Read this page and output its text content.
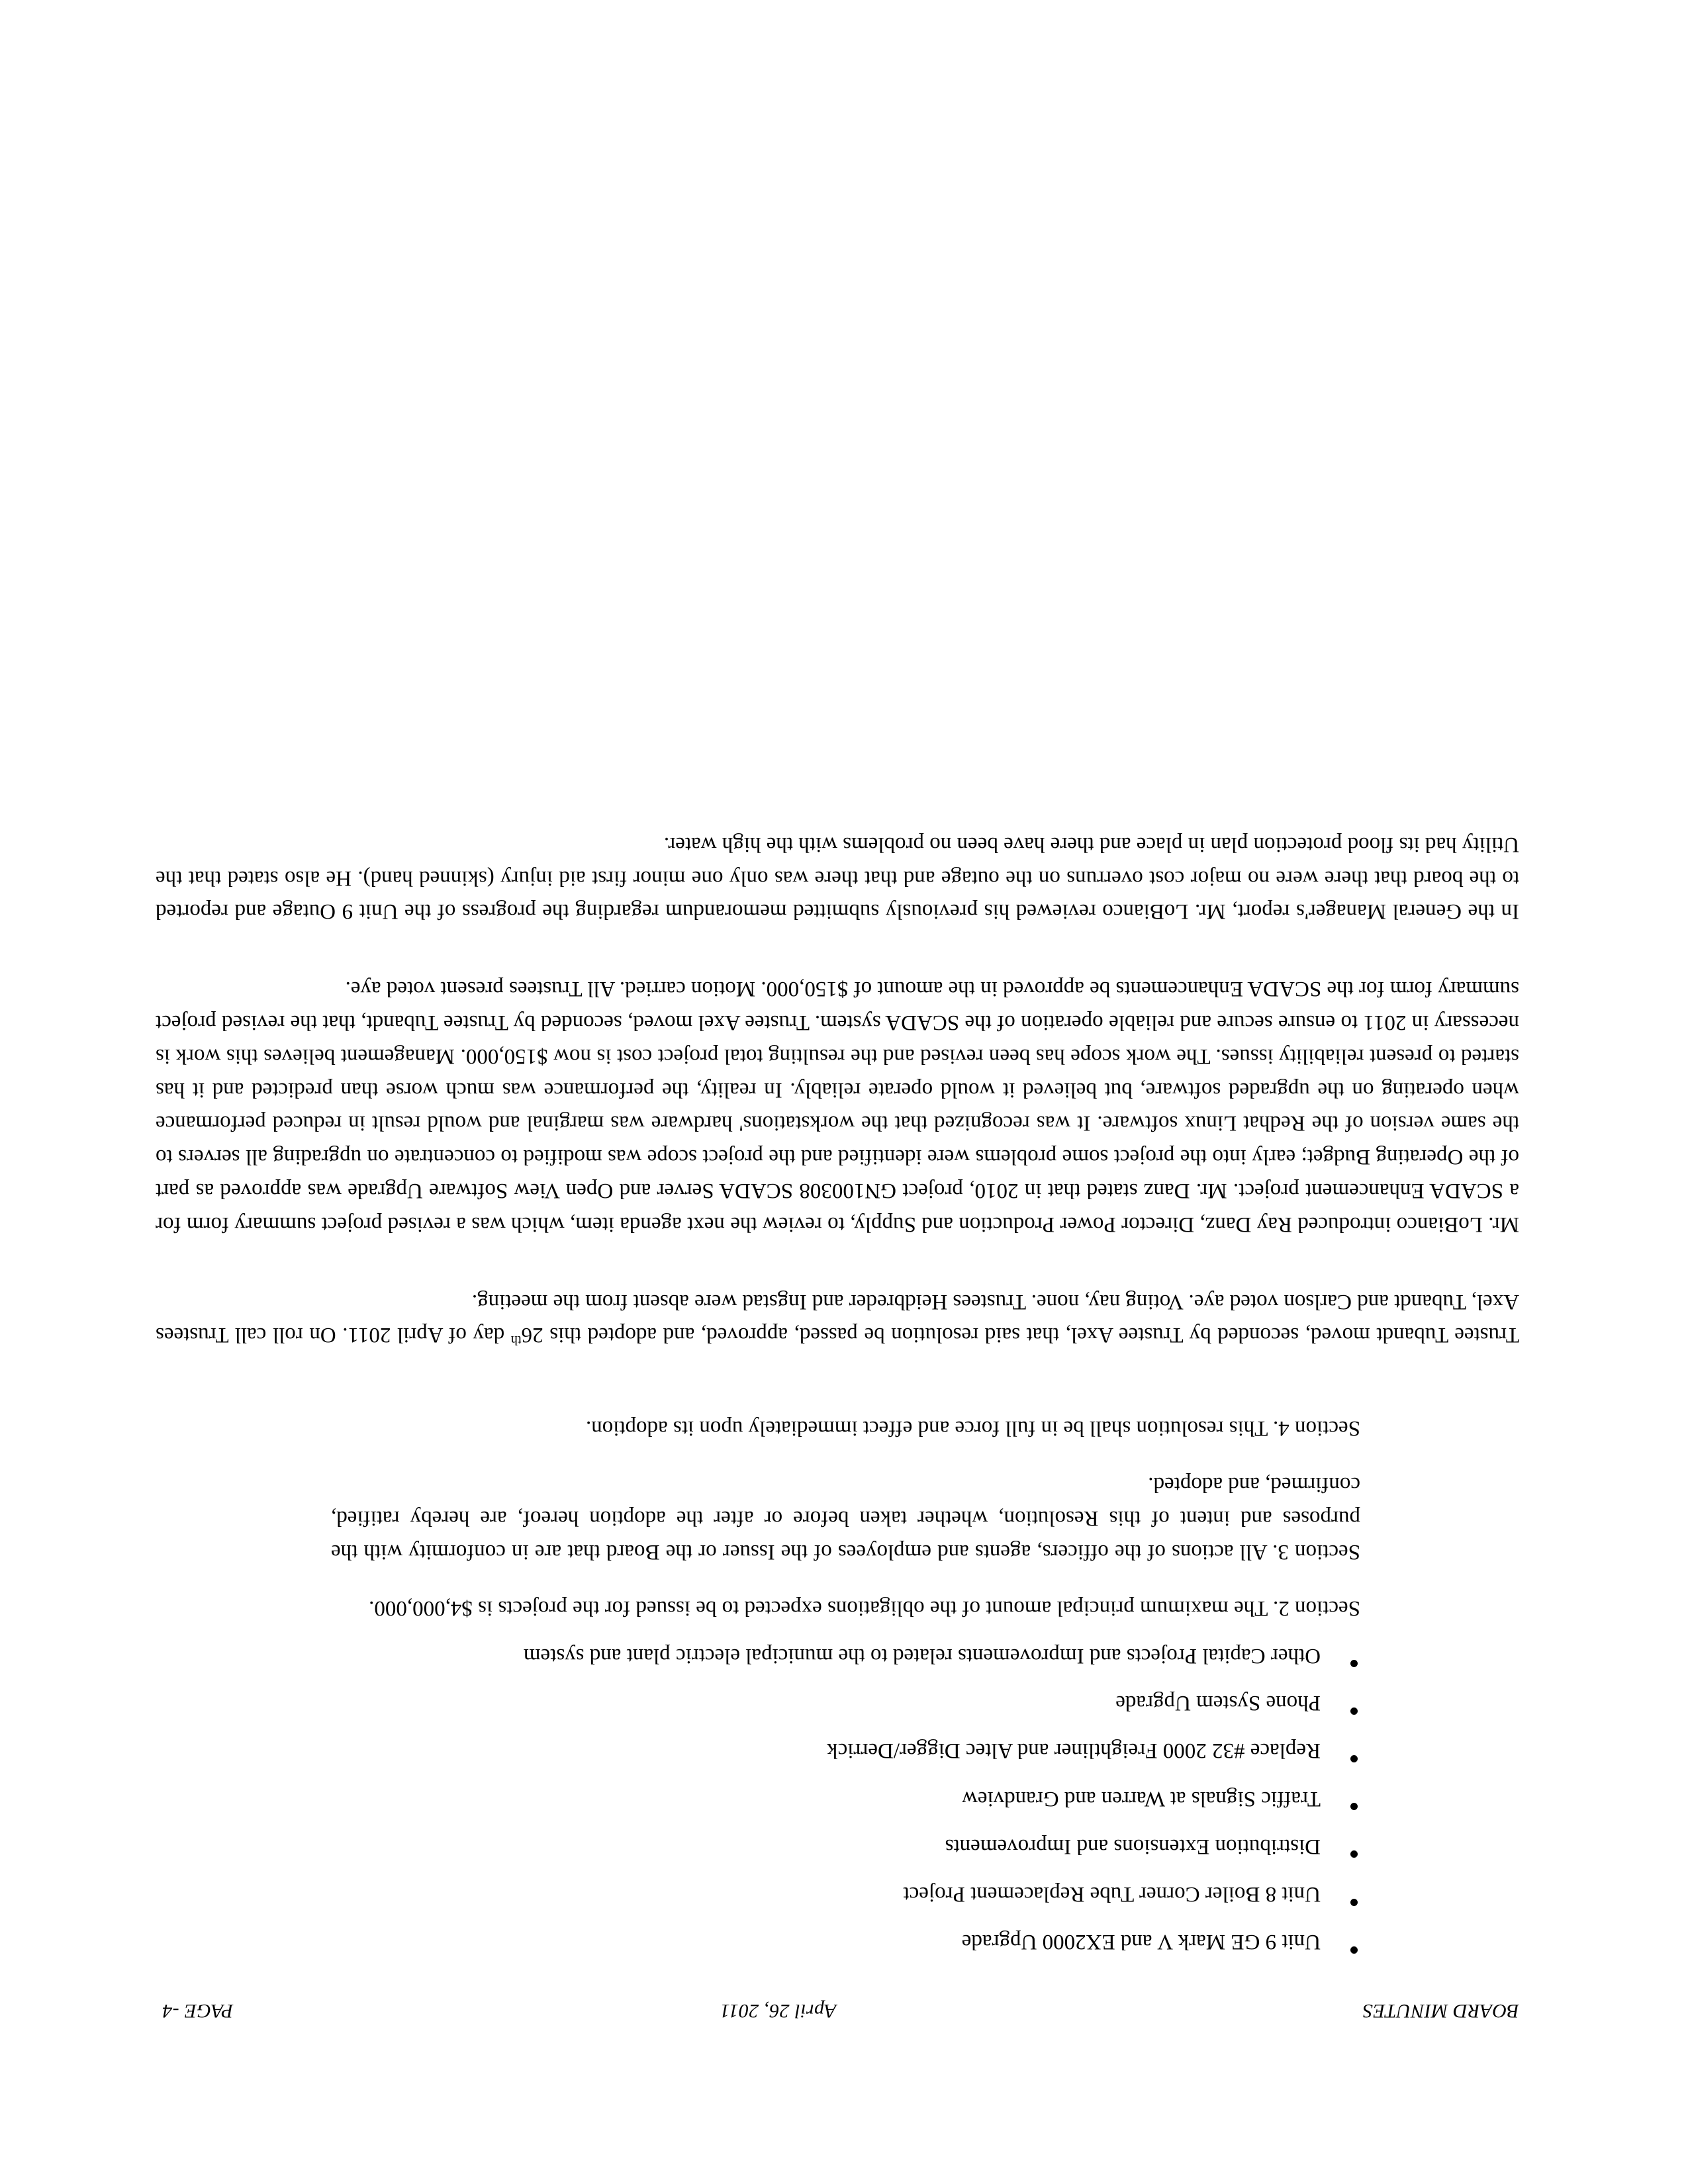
BOARD MINUTES
April 26, 2011
PAGE -4
Unit 9 GE Mark V and EX2000 Upgrade
Unit 8 Boiler Corner Tube Replacement Project
Distribution Extensions and Improvements
Traffic Signals at Warren and Grandview
Replace #32 2000 Freightliner and Altec Digger/Derrick
Phone System Upgrade
Other Capital Projects and Improvements related to the municipal electric plant and system

Section 2. The maximum principal amount of the obligations expected to be issued for the projects is $4,000,000.

Section 3. All actions of the officers, agents and employees of the Issuer or the Board that are in conformity with the purposes and intent of this Resolution, whether taken before or after the adoption hereof, are hereby ratified, confirmed, and adopted.

Section 4. This resolution shall be in full force and effect immediately upon its adoption.

Trustee Tubandt moved, seconded by Trustee Axel, that said resolution be passed, approved, and adopted this 26th day of April 2011. On roll call Trustees Axel, Tubandt and Carlson voted aye. Voting nay, none. Trustees Heidbreder and Ingstad were absent from the meeting.

Mr. LoBianco introduced Ray Danz, Director Power Production and Supply, to review the next agenda item, which was a revised project summary form for a SCADA Enhancement project. Mr. Danz stated that in 2010, project GN100308 SCADA Server and Open View Software Upgrade was approved as part of the Operating Budget; early into the project some problems were identified and the project scope was modified to concentrate on upgrading all servers to the same version of the Redhat Linux software. It was recognized that the workstations' hardware was marginal and would result in reduced performance when operating on the upgraded software, but believed it would operate reliably. In reality, the performance was much worse than predicted and it has started to present reliability issues. The work scope has been revised and the resulting total project cost is now $150,000. Management believes this work is necessary in 2011 to ensure secure and reliable operation of the SCADA system. Trustee Axel moved, seconded by Trustee Tubandt, that the revised project summary form for the SCADA Enhancements be approved in the amount of $150,000. Motion carried. All Trustees present voted aye.

In the General Manager's report, Mr. LoBianco reviewed his previously submitted memorandum regarding the progress of the Unit 9 Outage and reported to the board that there were no major cost overruns on the outage and that there was only one minor first aid injury (skinned hand). He also stated that the Utility had its flood protection plan in place and there have been no problems with the high water.
